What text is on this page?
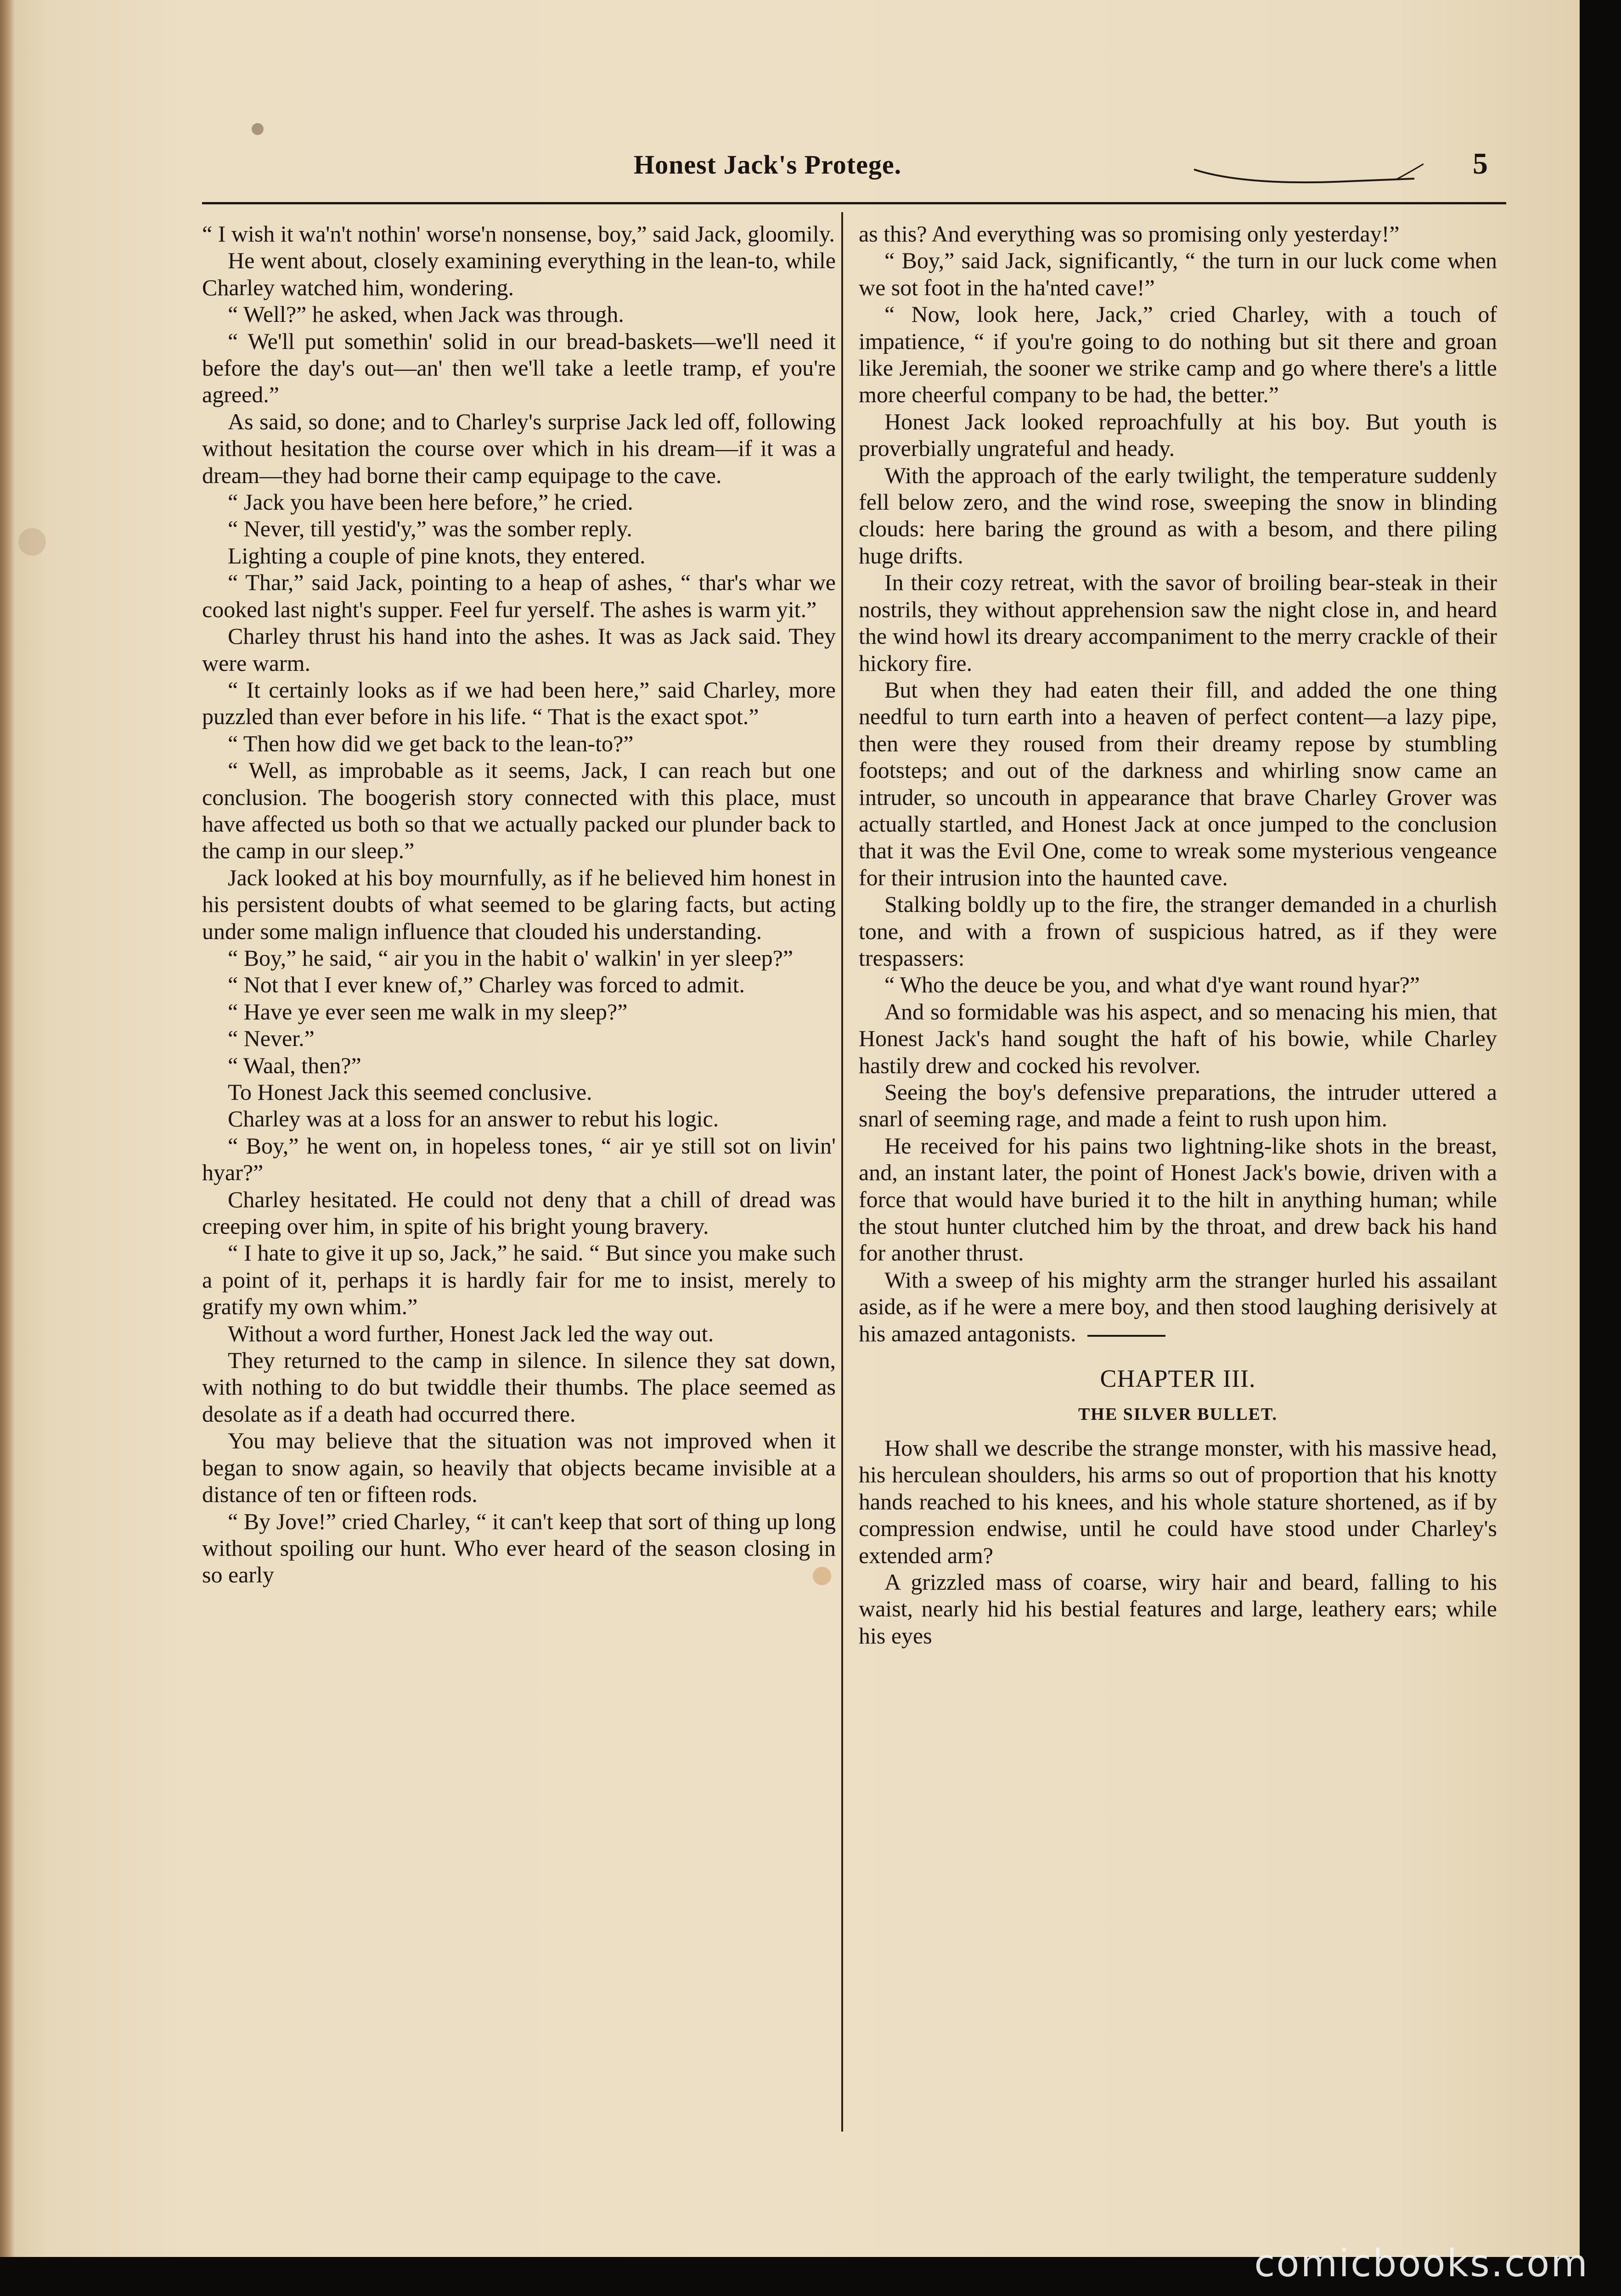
Honest Jack's Protege.	5

“ I wish it wa'n't nothin' worse'n nonsense, boy,” said Jack, gloomily.

He went about, closely examining everything in the lean-to, while Charley watched him, wondering.

“ Well?” he asked, when Jack was through.

“ We'll put somethin' solid in our bread-baskets—we'll need it before the day's out—an' then we'll take a leetle tramp, ef you're agreed.”

As said, so done; and to Charley's surprise Jack led off, following without hesitation the course over which in his dream—if it was a dream—they had borne their camp equipage to the cave.

“ Jack you have been here before,” he cried.

“ Never, till yestid'y,” was the somber reply.

Lighting a couple of pine knots, they entered.

“ Thar,” said Jack, pointing to a heap of ashes, “ thar's whar we cooked last night's supper. Feel fur yerself. The ashes is warm yit.”

Charley thrust his hand into the ashes. It was as Jack said. They were warm.

“ It certainly looks as if we had been here,” said Charley, more puzzled than ever before in his life. “ That is the exact spot.”

“ Then how did we get back to the lean-to?”

“ Well, as improbable as it seems, Jack, I can reach but one conclusion. The boogerish story connected with this place, must have affected us both so that we actually packed our plunder back to the camp in our sleep.”

Jack looked at his boy mournfully, as if he believed him honest in his persistent doubts of what seemed to be glaring facts, but acting under some malign influence that clouded his understanding.

“ Boy,” he said, “ air you in the habit o' walkin' in yer sleep?”

“ Not that I ever knew of,” Charley was forced to admit.

“ Have ye ever seen me walk in my sleep?”

“ Never.”

“ Waal, then?”

To Honest Jack this seemed conclusive.

Charley was at a loss for an answer to rebut his logic.

“ Boy,” he went on, in hopeless tones, “ air ye still sot on livin' hyar?”

Charley hesitated. He could not deny that a chill of dread was creeping over him, in spite of his bright young bravery.

“ I hate to give it up so, Jack,” he said. “ But since you make such a point of it, perhaps it is hardly fair for me to insist, merely to gratify my own whim.”

Without a word further, Honest Jack led the way out.

They returned to the camp in silence. In silence they sat down, with nothing to do but twiddle their thumbs. The place seemed as desolate as if a death had occurred there.

You may believe that the situation was not improved when it began to snow again, so heavily that objects became invisible at a distance of ten or fifteen rods.

“ By Jove!” cried Charley, “ it can't keep that sort of thing up long without spoiling our hunt. Who ever heard of the season closing in so early

as this? And everything was so promising only yesterday!”

“ Boy,” said Jack, significantly, “ the turn in our luck come when we sot foot in the ha'nted cave!”

“ Now, look here, Jack,” cried Charley, with a touch of impatience, “ if you're going to do nothing but sit there and groan like Jeremiah, the sooner we strike camp and go where there's a little more cheerful company to be had, the better.”

Honest Jack looked reproachfully at his boy. But youth is proverbially ungrateful and heady.

With the approach of the early twilight, the temperature suddenly fell below zero, and the wind rose, sweeping the snow in blinding clouds: here baring the ground as with a besom, and there piling huge drifts.

In their cozy retreat, with the savor of broiling bear-steak in their nostrils, they without apprehension saw the night close in, and heard the wind howl its dreary accompaniment to the merry crackle of their hickory fire.

But when they had eaten their fill, and added the one thing needful to turn earth into a heaven of perfect content—a lazy pipe, then were they roused from their dreamy repose by stumbling footsteps; and out of the darkness and whirling snow came an intruder, so uncouth in appearance that brave Charley Grover was actually startled, and Honest Jack at once jumped to the conclusion that it was the Evil One, come to wreak some mysterious vengeance for their intrusion into the haunted cave.

Stalking boldly up to the fire, the stranger demanded in a churlish tone, and with a frown of suspicious hatred, as if they were trespassers:

“ Who the deuce be you, and what d'ye want round hyar?”

And so formidable was his aspect, and so menacing his mien, that Honest Jack's hand sought the haft of his bowie, while Charley hastily drew and cocked his revolver.

Seeing the boy's defensive preparations, the intruder uttered a snarl of seeming rage, and made a feint to rush upon him.

He received for his pains two lightning-like shots in the breast, and, an instant later, the point of Honest Jack's bowie, driven with a force that would have buried it to the hilt in anything human; while the stout hunter clutched him by the throat, and drew back his hand for another thrust.

With a sweep of his mighty arm the stranger hurled his assailant aside, as if he were a mere boy, and then stood laughing derisively at his amazed antagonists.

CHAPTER III.

THE SILVER BULLET.

How shall we describe the strange monster, with his massive head, his herculean shoulders, his arms so out of proportion that his knotty hands reached to his knees, and his whole stature shortened, as if by compression endwise, until he could have stood under Charley's extended arm?

A grizzled mass of coarse, wiry hair and beard, falling to his waist, nearly hid his bestial features and large, leathery ears; while his eyes

comicbooks.com
